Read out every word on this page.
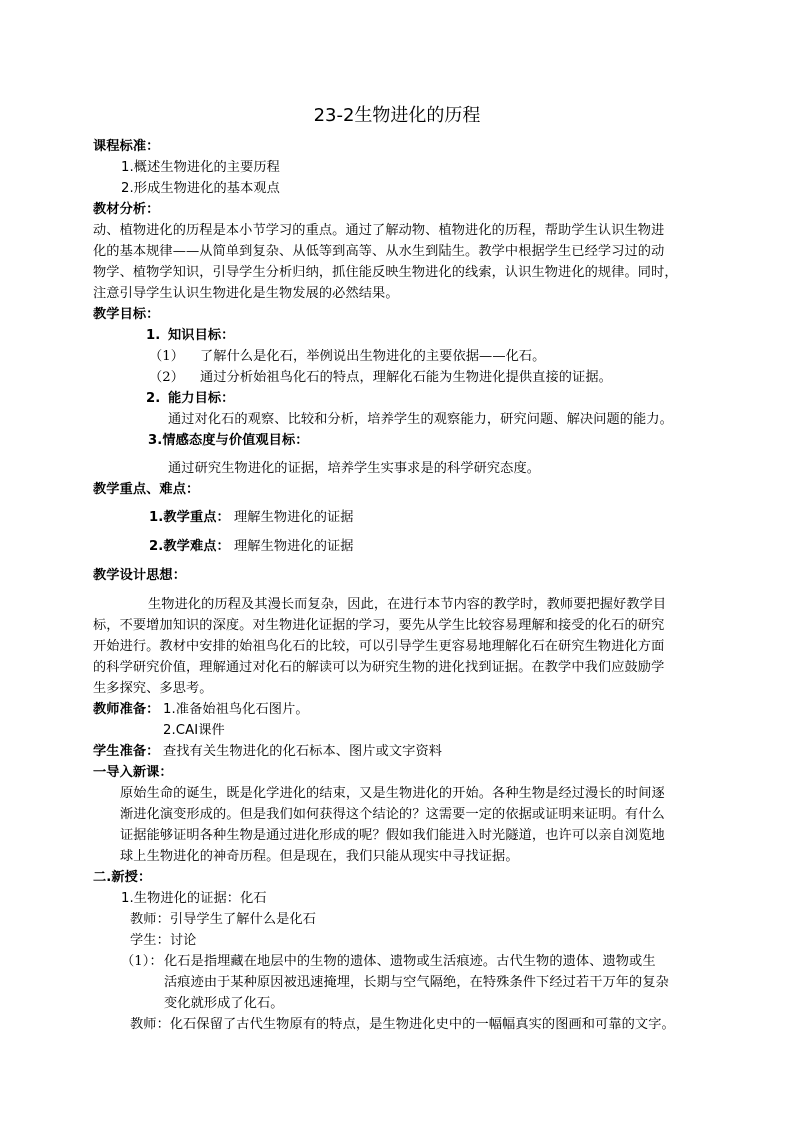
23-2生物进化的历程
课程标准：
1.概述生物进化的主要历程
2.形成生物进化的基本观点
教材分析：
动、植物进化的历程是本小节学习的重点。通过了解动物、植物进化的历程，帮助学生认识生物进
化的基本规律——从简单到复杂、从低等到高等、从水生到陆生。教学中根据学生已经学习过的动
物学、植物学知识，引导学生分析归纳，抓住能反映生物进化的线索，认识生物进化的规律。同时，
注意引导学生认识生物进化是生物发展的必然结果。
教学目标：
1. 知识目标：
（1） 了解什么是化石，举例说出生物进化的主要依据——化石。
（2） 通过分析始祖鸟化石的特点，理解化石能为生物进化提供直接的证据。
2. 能力目标：
通过对化石的观察、比较和分析，培养学生的观察能力，研究问题、解决问题的能力。
3.情感态度与价值观目标：
通过研究生物进化的证据，培养学生实事求是的科学研究态度。
教学重点、难点：
1.教学重点： 理解生物进化的证据
2.教学难点： 理解生物进化的证据
教学设计思想：
生物进化的历程及其漫长而复杂，因此，在进行本节内容的教学时，教师要把握好教学目
标，不要增加知识的深度。对生物进化证据的学习，要先从学生比较容易理解和接受的化石的研究
开始进行。教材中安排的始祖鸟化石的比较，可以引导学生更容易地理解化石在研究生物进化方面
的科学研究价值，理解通过对化石的解读可以为研究生物的进化找到证据。在教学中我们应鼓励学
生多探究、多思考。
教师准备： 1.准备始祖鸟化石图片。
2.CAI课件
学生准备： 查找有关生物进化的化石标本、图片或文字资料
一导入新课：
原始生命的诞生，既是化学进化的结束，又是生物进化的开始。各种生物是经过漫长的时间逐
渐进化演变形成的。但是我们如何获得这个结论的？这需要一定的依据或证明来证明。有什么
证据能够证明各种生物是通过进化形成的呢？假如我们能进入时光隧道，也许可以亲自浏览地
球上生物进化的神奇历程。但是现在，我们只能从现实中寻找证据。
二.新授：
1.生物进化的证据：化石
教师：引导学生了解什么是化石
学生：讨论
（1）： 化石是指埋藏在地层中的生物的遗体、遗物或生活痕迹。古代生物的遗体、遗物或生
活痕迹由于某种原因被迅速掩埋，长期与空气隔绝，在特殊条件下经过若干万年的复杂
变化就形成了化石。
教师：化石保留了古代生物原有的特点，是生物进化史中的一幅幅真实的图画和可靠的文字。
